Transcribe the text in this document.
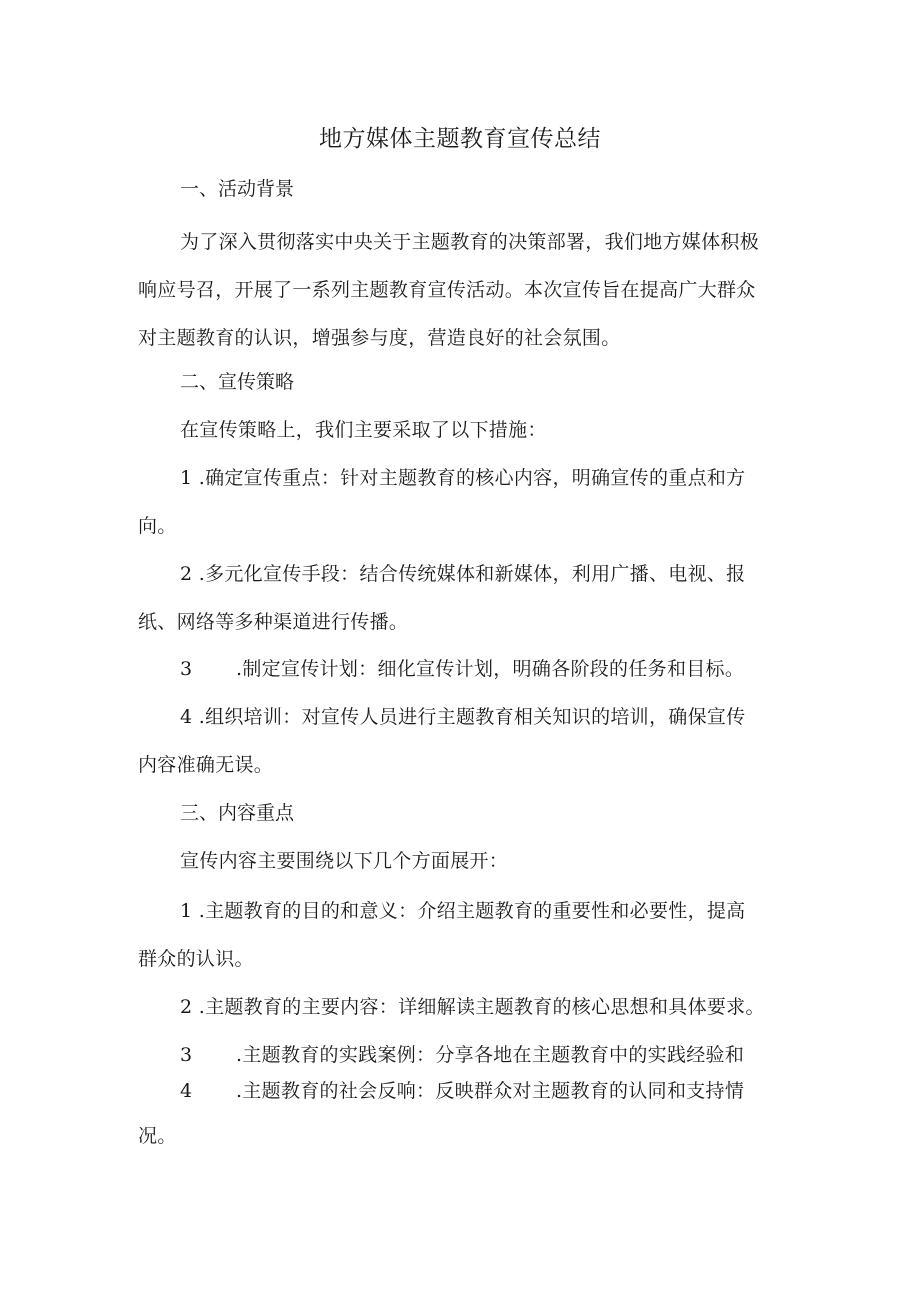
地方媒体主题教育宣传总结
一、活动背景
为了深入贯彻落实中央关于主题教育的决策部署，我们地方媒体积极
响应号召，开展了一系列主题教育宣传活动。本次宣传旨在提高广大群众
对主题教育的认识，增强参与度，营造良好的社会氛围。
二、宣传策略
在宣传策略上，我们主要采取了以下措施：
1 .确定宣传重点：针对主题教育的核心内容，明确宣传的重点和方
向。
2 .多元化宣传手段：结合传统媒体和新媒体，利用广播、电视、报
纸、网络等多种渠道进行传播。
3 .制定宣传计划：细化宣传计划，明确各阶段的任务和目标。
4 .组织培训：对宣传人员进行主题教育相关知识的培训，确保宣传
内容准确无误。
三、内容重点
宣传内容主要围绕以下几个方面展开：
1 .主题教育的目的和意义：介绍主题教育的重要性和必要性，提高
群众的认识。
2 .主题教育的主要内容：详细解读主题教育的核心思想和具体要求。
3 .主题教育的实践案例：分享各地在主题教育中的实践经验和
4 .主题教育的社会反响：反映群众对主题教育的认同和支持情
况。
